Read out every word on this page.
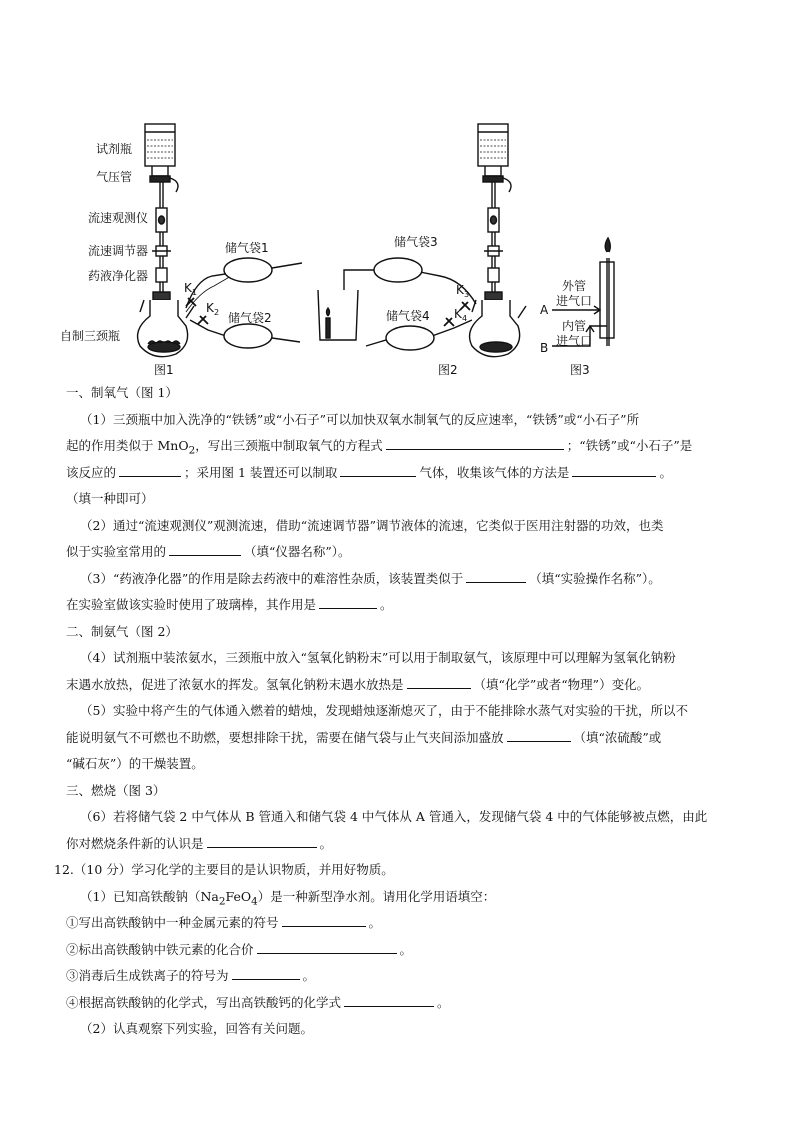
试剂瓶
气压管
流速观测仪
流速调节器
药液净化器
自制三颈瓶
储气袋1
储气袋2
K 1
K 2
图1
储气袋3
储气袋4
K 3
K 4
图2
外管
进气口
内管
进气口
A
B
图3
一、制氧气（图 1）
（1）三颈瓶中加入洗净的“铁锈”或“小石子”可以加快双氧水制氧气的反应速率，“铁锈”或“小石子”所
起的作用类似于 MnO$_2$，写出三颈瓶中制取氧气的方程式	；“铁锈”或“小石子”是
该反应的	；采用图 1 装置还可以制取	气体，收集该气体的方法是	。
（填一种即可）
（2）通过“流速观测仪”观测流速，借助“流速调节器”调节液体的流速，它类似于医用注射器的功效，也类
似于实验室常用的	（填“仪器名称”）。
（3）“药液净化器”的作用是除去药液中的难溶性杂质，该装置类似于	（填“实验操作名称”）。
在实验室做该实验时使用了玻璃棒，其作用是	。
二、制氨气（图 2）
（4）试剂瓶中装浓氨水，三颈瓶中放入“氢氧化钠粉末”可以用于制取氨气，该原理中可以理解为氢氧化钠粉
末遇水放热，促进了浓氨水的挥发。氢氧化钠粉末遇水放热是	（填“化学”或者“物理”）变化。
（5）实验中将产生的气体通入燃着的蜡烛，发现蜡烛逐渐熄灭了，由于不能排除水蒸气对实验的干扰，所以不
能说明氨气不可燃也不助燃，要想排除干扰，需要在储气袋与止气夹间添加盛放	（填“浓硫酸”或
“碱石灰”）的干燥装置。
三、燃烧（图 3）
（6）若将储气袋 2 中气体从 B 管通入和储气袋 4 中气体从 A 管通入，发现储气袋 4 中的气体能够被点燃，由此
你对燃烧条件新的认识是	。
12.（10 分）学习化学的主要目的是认识物质，并用好物质。
（1）已知高铁酸钠$(Na_2FeO_4)$是一种新型净水剂。请用化学用语填空：
①写出高铁酸钠中一种金属元素的符号	。
②标出高铁酸钠中铁元素的化合价	。
③消毒后生成铁离子的符号为	。
④根据高铁酸钠的化学式，写出高铁酸钙的化学式	。
（2）认真观察下列实验，回答有关问题。
